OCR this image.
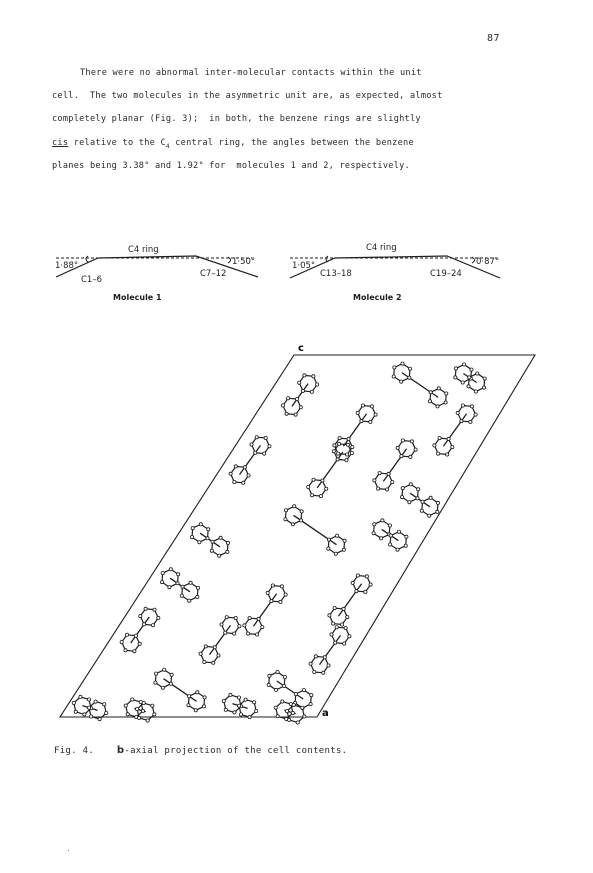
87
There were no abnormal inter-molecular contacts within the unit
cell.  The two molecules in the asymmetric unit are, as expected, almost
completely planar (Fig. 3);  in both, the benzene rings are slightly
cis relative to the $C_4$ central ring, the angles between the benzene
planes being 3.38° and 1.92° for  molecules 1 and 2, respectively.
C4 ring
1·88°	1·50°
C1–6
C7–12
Molecule 1
C4 ring
1·05°	0·87°
C13–18	C19–24
Molecule 2
c
a
Fig. 4. b-axial projection of the cell contents.
·
